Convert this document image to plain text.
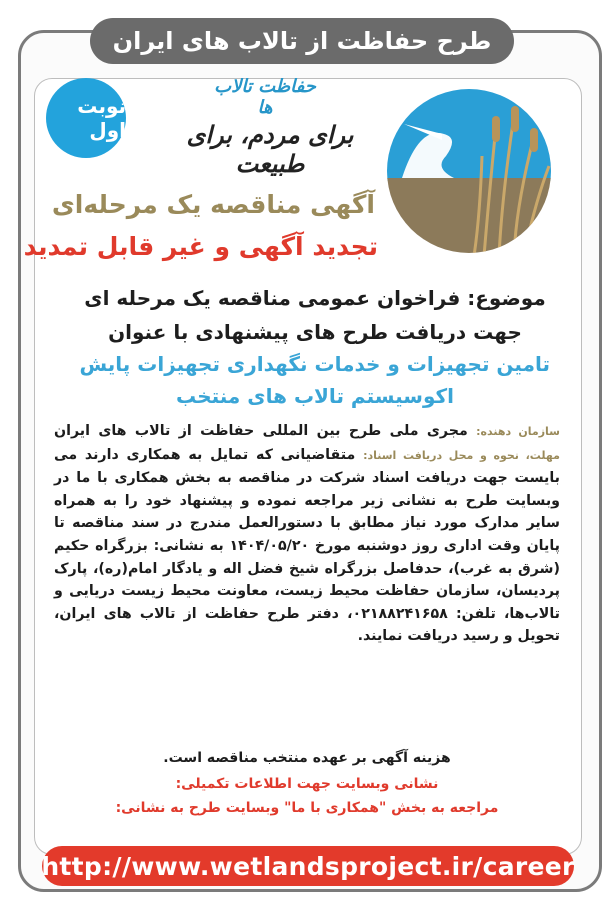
طرح حفاظت از تالاب های ایران
نوبت اول
حفاظت تالاب ها
برای مردم، برای طبیعت
آگهی مناقصه یک مرحله‌ای
تجدید آگهی و غیر قابل تمدید
موضوع: فراخوان عمومی مناقصه یک مرحله ای
جهت دریافت طرح های پیشنهادی با عنوان
تامین تجهیزات و خدمات نگهداری تجهیزات پایش
اکوسیستم تالاب های منتخب
سازمان دهنده: مجری ملی طرح بین المللی حفاظت از تالاب های ایران مهلت، نحوه و محل دریافت اسناد: متقاضیانی که تمایل به همکاری دارند می بایست جهت دریافت اسناد شرکت در مناقصه به بخش همکاری با ما در وبسایت طرح به نشانی زیر مراجعه نموده و پیشنهاد خود را به همراه سایر مدارک مورد نیاز مطابق با دستورالعمل مندرج در سند مناقصه تا پایان وقت اداری روز دوشنبه مورخ ۱۴۰۴/۰۵/۲۰ به نشانی: بزرگراه حکیم (شرق به غرب)، حدفاصل بزرگراه شیخ فضل اله و یادگار امام(ره)، پارک پردیسان، سازمان حفاظت محیط زیست، معاونت محیط زیست دریایی و تالاب‌ها، تلفن: ۰۲۱۸۸۲۴۱۶۵۸، دفتر طرح حفاظت از تالاب های ایران، تحویل و رسید دریافت نمایند.
هزینه آگهی بر عهده منتخب مناقصه است.
نشانی وبسایت جهت اطلاعات تکمیلی:
مراجعه به بخش "همکاری با ما" وبسایت طرح به نشانی:
http://www.wetlandsproject.ir/career
